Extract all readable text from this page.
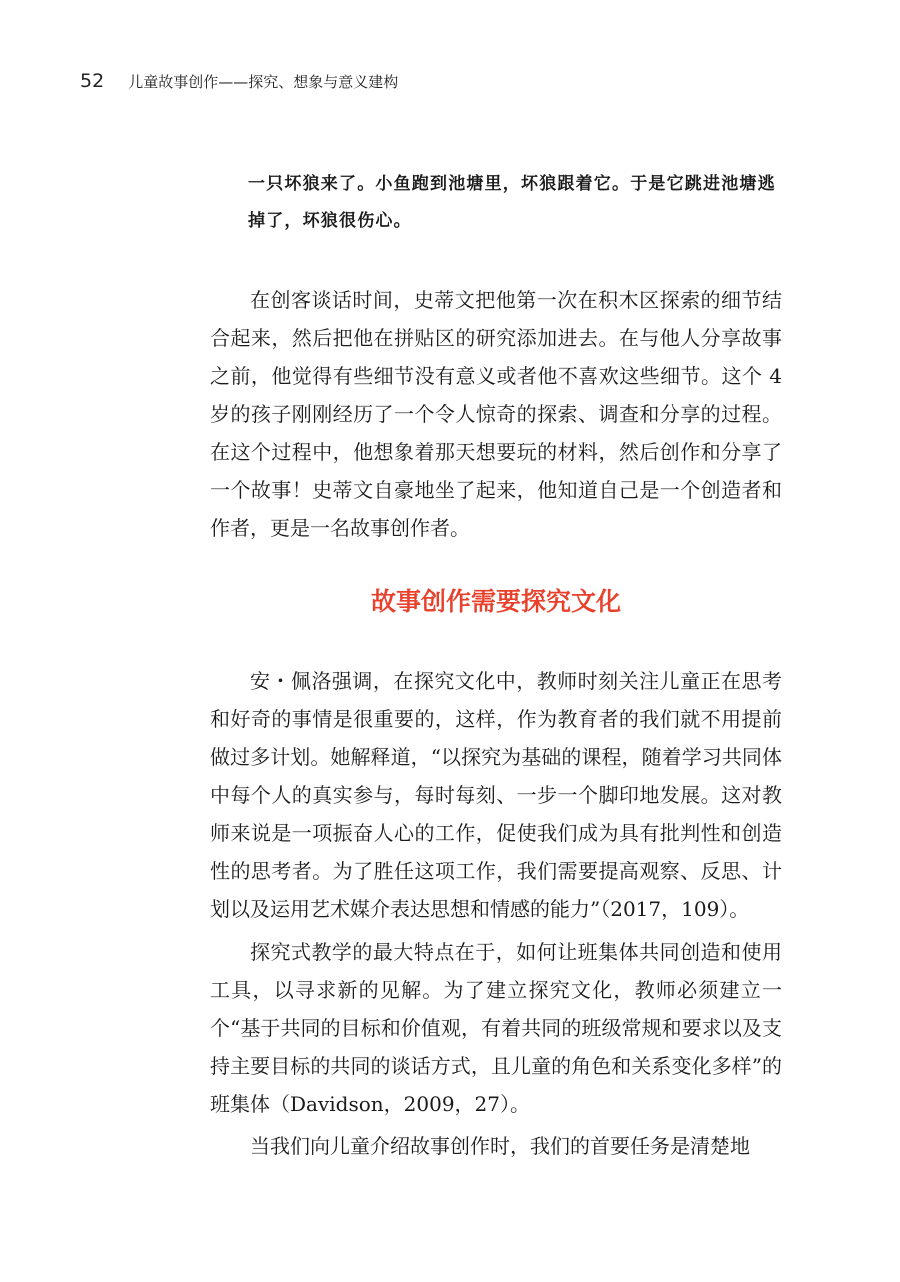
52 儿童故事创作——探究、想象与意义建构

一只坏狼来了。小鱼跑到池塘里，坏狼跟着它。于是它跳进池塘逃掉了，坏狼很伤心。

在创客谈话时间，史蒂文把他第一次在积木区探索的细节结合起来，然后把他在拼贴区的研究添加进去。在与他人分享故事之前，他觉得有些细节没有意义或者他不喜欢这些细节。这个 4 岁的孩子刚刚经历了一个令人惊奇的探索、调查和分享的过程。在这个过程中，他想象着那天想要玩的材料，然后创作和分享了一个故事！史蒂文自豪地坐了起来，他知道自己是一个创造者和作者，更是一名故事创作者。

故事创作需要探究文化

安・佩洛强调，在探究文化中，教师时刻关注儿童正在思考和好奇的事情是很重要的，这样，作为教育者的我们就不用提前做过多计划。她解释道，“以探究为基础的课程，随着学习共同体中每个人的真实参与，每时每刻、一步一个脚印地发展。这对教师来说是一项振奋人心的工作，促使我们成为具有批判性和创造性的思考者。为了胜任这项工作，我们需要提高观察、反思、计划以及运用艺术媒介表达思想和情感的能力”（2017，109）。

探究式教学的最大特点在于，如何让班集体共同创造和使用工具，以寻求新的见解。为了建立探究文化，教师必须建立一个“基于共同的目标和价值观，有着共同的班级常规和要求以及支持主要目标的共同的谈话方式，且儿童的角色和关系变化多样”的班集体（Davidson，2009，27）。

当我们向儿童介绍故事创作时，我们的首要任务是清楚地
